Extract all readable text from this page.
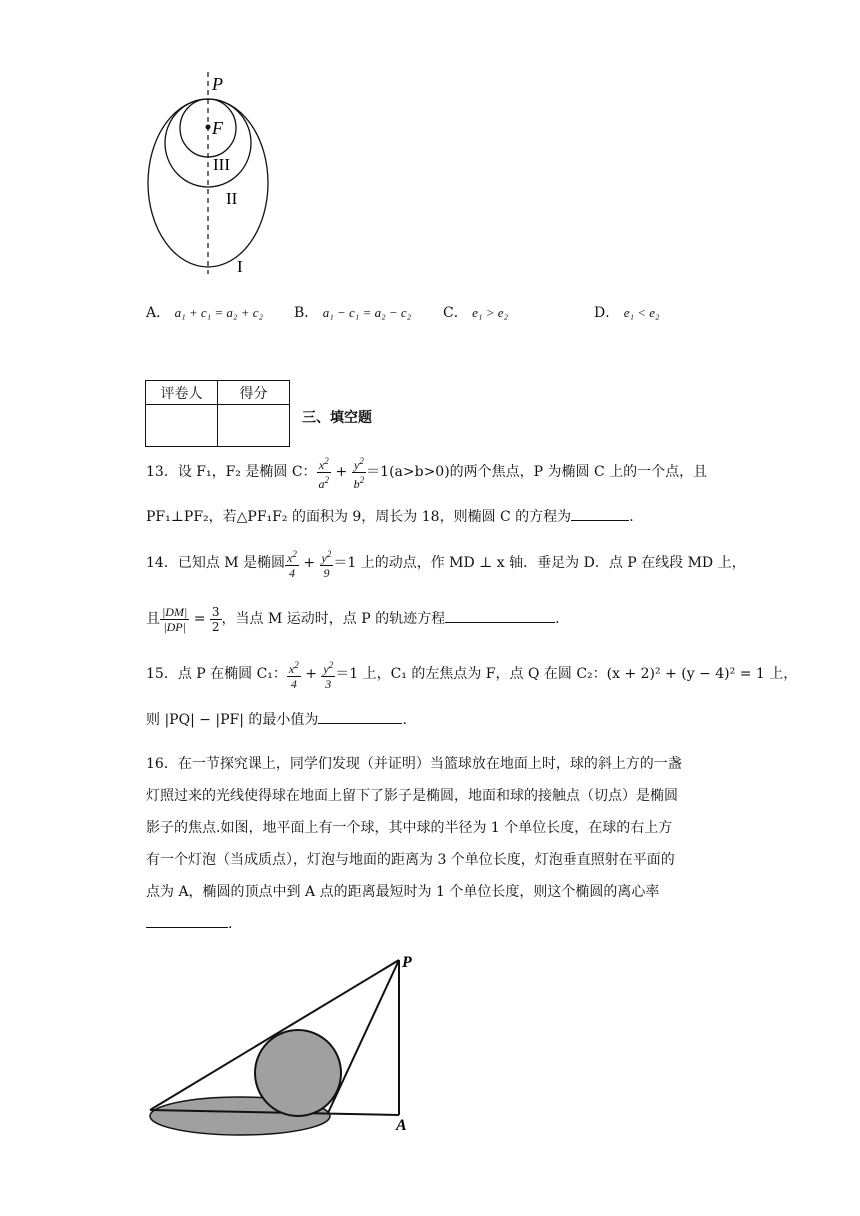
P
F
III
II
I
A． a₁ + c₁ = a₂ + c₂ B． a₁ − c₁ = a₂ − c₂ C． e₁ > e₂	D． e₁ < e₂
评卷人	得分

三、填空题
13．设 F₁，F₂ 是椭圆 C： $\frac{x^2}{a^2} + \frac{y^2}{b^2} =1(a>b>0)$的两个焦点，P 为椭圆 C 上的一个点，且
PF₁⊥PF₂，若△PF₁F₂ 的面积为 9，周长为 18，则椭圆 C 的方程为	.
14．已知点 M 是椭圆 $\frac{x^2}{4} + \frac{y^2}{9} =1$ 上的动点，作 MD ⊥ x 轴．垂足为 D．点 P 在线段 MD 上，
且 $\frac{|DM|}{|DP|} = \frac{3}{2}$ ，当点 M 运动时，点 P 的轨迹方程	.
15．点 P 在椭圆 C₁： $\frac{x^2}{4} + \frac{y^2}{3} =1$ 上，C₁ 的左焦点为 F，点 Q 在圆 C₂：(x + 2)² + (y − 4)² = 1 上，
则 |PQ| − |PF| 的最小值为	.
16．在一节探究课上，同学们发现（并证明）当篮球放在地面上时，球的斜上方的一盏
灯照过来的光线使得球在地面上留下了影子是椭圆，地面和球的接触点（切点）是椭圆
影子的焦点.如图，地平面上有一个球，其中球的半径为 1 个单位长度，在球的右上方
有一个灯泡（当成质点），灯泡与地面的距离为 3 个单位长度，灯泡垂直照射在平面的
点为 A，椭圆的顶点中到 A 点的距离最短时为 1 个单位长度，则这个椭圆的离心率
.
P
A
